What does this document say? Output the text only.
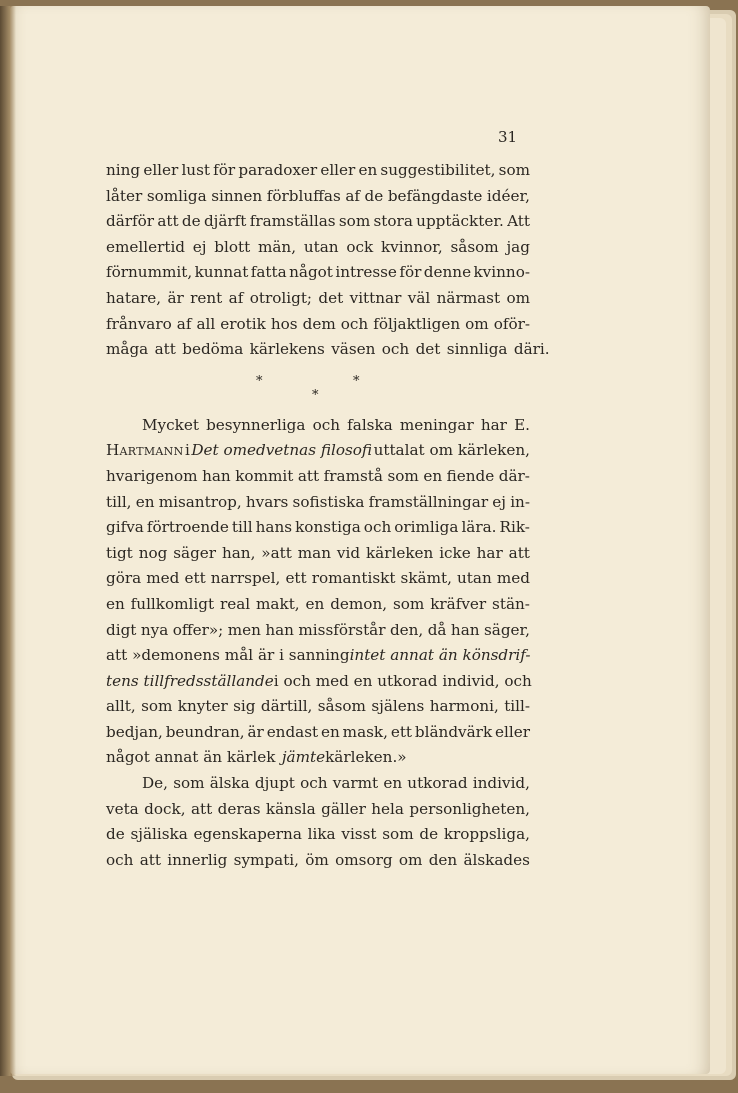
31
ning eller lust för paradoxer eller en suggestibilitet, som
låter somliga sinnen förbluffas af de befängdaste idéer,
därför att de djärft framställas som stora upptäckter. Att
emellertid ej blott män, utan ock kvinnor, såsom jag
förnummit, kunnat fatta något intresse för denne kvinno-
hatare, är rent af otroligt; det vittnar väl närmast om
frånvaro af all erotik hos dem och följaktligen om oför-
måga att bedöma kärlekens väsen och det sinnliga däri.
*
*
*
Mycket besynnerliga och falska meningar har E.
Hartmann i Det omedvetnas filosofi uttalat om kärleken,
hvarigenom han kommit att framstå som en fiende där-
till, en misantrop, hvars sofistiska framställningar ej in-
gifva förtroende till hans konstiga och orimliga lära. Rik-
tigt nog säger han, »att man vid kärleken icke har att
göra med ett narrspel, ett romantiskt skämt, utan med
en fullkomligt real makt, en demon, som kräfver stän-
digt nya offer»; men han missförstår den, då han säger,
att »demonens mål är i sanning intet annat än könsdrif-
tens tillfredsställande i och med en utkorad individ, och
allt, som knyter sig därtill, såsom själens harmoni, till-
bedjan, beundran, är endast en mask, ett bländvärk eller
något annat än kärlek jämte kärleken.»
De, som älska djupt och varmt en utkorad individ,
veta dock, att deras känsla gäller hela personligheten,
de själiska egenskaperna lika visst som de kroppsliga,
och att innerlig sympati, öm omsorg om den älskades
